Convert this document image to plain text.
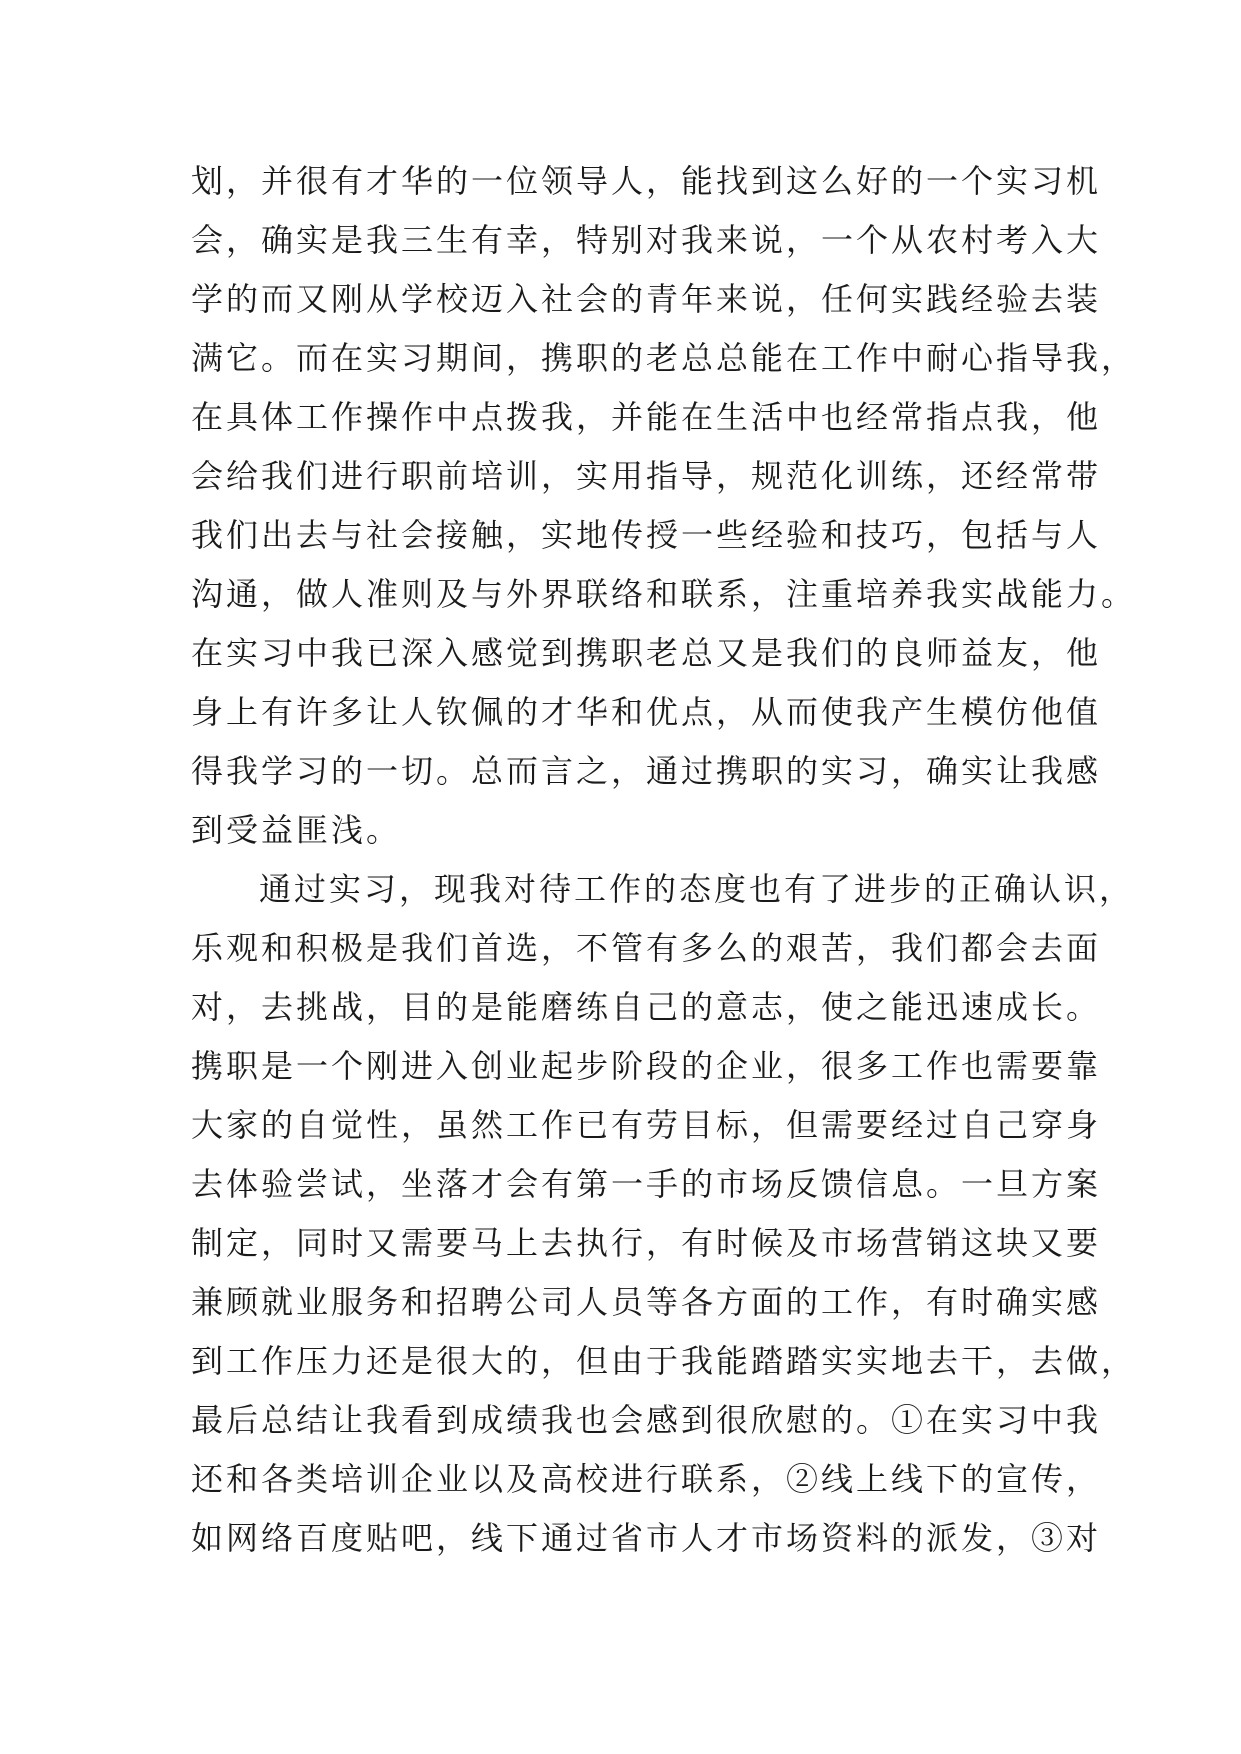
划，并很有才华的一位领导人，能找到这么好的一个实习机
会，确实是我三生有幸，特别对我来说，一个从农村考入大
学的而又刚从学校迈入社会的青年来说，任何实践经验去装
满它。而在实习期间，携职的老总总能在工作中耐心指导我，
在具体工作操作中点拨我，并能在生活中也经常指点我，他
会给我们进行职前培训，实用指导，规范化训练，还经常带
我们出去与社会接触，实地传授一些经验和技巧，包括与人
沟通，做人准则及与外界联络和联系，注重培养我实战能力。
在实习中我已深入感觉到携职老总又是我们的良师益友，他
身上有许多让人钦佩的才华和优点，从而使我产生模仿他值
得我学习的一切。总而言之，通过携职的实习，确实让我感
到受益匪浅。
通过实习，现我对待工作的态度也有了进步的正确认识，
乐观和积极是我们首选，不管有多么的艰苦，我们都会去面
对，去挑战，目的是能磨练自己的意志，使之能迅速成长。
携职是一个刚进入创业起步阶段的企业，很多工作也需要靠
大家的自觉性，虽然工作已有劳目标，但需要经过自己穿身
去体验尝试，坐落才会有第一手的市场反馈信息。一旦方案
制定，同时又需要马上去执行，有时候及市场营销这块又要
兼顾就业服务和招聘公司人员等各方面的工作，有时确实感
到工作压力还是很大的，但由于我能踏踏实实地去干，去做，
最后总结让我看到成绩我也会感到很欣慰的。①在实习中我
还和各类培训企业以及高校进行联系，②线上线下的宣传，
如网络百度贴吧，线下通过省市人才市场资料的派发，③对
